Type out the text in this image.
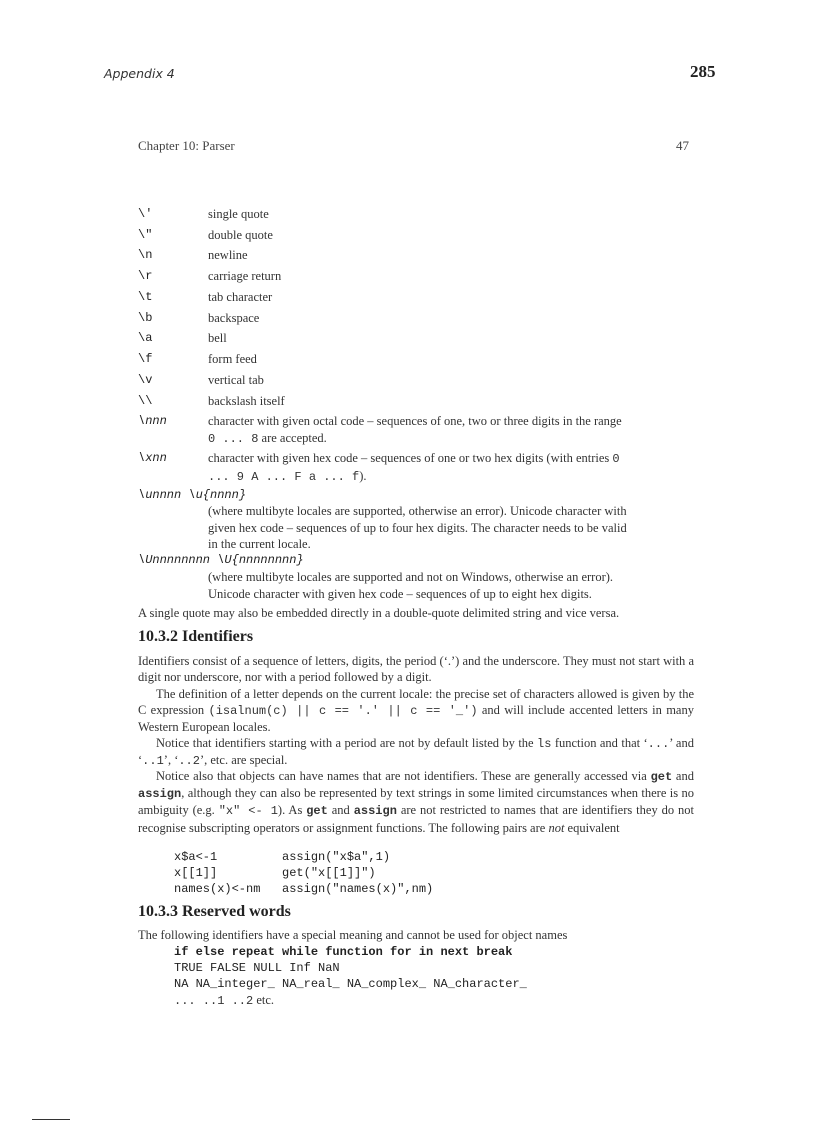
Appendix 4	285
Chapter 10: Parser	47
\'	single quote
\"	double quote
\n	newline
\r	carriage return
\t	tab character
\b	backspace
\a	bell
\f	form feed
\v	vertical tab
\\	backslash itself
\nnn	character with given octal code – sequences of one, two or three digits in the range
0 ... 8 are accepted.
\xnn	character with given hex code – sequences of one or two hex digits (with entries 0
... 9 A ... F a ... f).
\unnnn \u{nnnn}
(where multibyte locales are supported, otherwise an error). Unicode character with
given hex code – sequences of up to four hex digits. The character needs to be valid
in the current locale.
\Unnnnnnnn \U{nnnnnnnn}
(where multibyte locales are supported and not on Windows, otherwise an error).
Unicode character with given hex code – sequences of up to eight hex digits.
A single quote may also be embedded directly in a double-quote delimited string and vice versa.
10.3.2 Identifiers
Identifiers consist of a sequence of letters, digits, the period (‘.’) and the underscore. They must not start with a digit nor underscore, nor with a period followed by a digit.
The definition of a letter depends on the current locale: the precise set of characters allowed is given by the C expression (isalnum(c) || c == '.' || c == '_') and will include accented letters in many Western European locales.
Notice that identifiers starting with a period are not by default listed by the ls function and that ‘...’ and ‘..1’, ‘..2’, etc. are special.
Notice also that objects can have names that are not identifiers. These are generally accessed via get and assign, although they can also be represented by text strings in some limited circumstances when there is no ambiguity (e.g. "x" <- 1). As get and assign are not restricted to names that are identifiers they do not recognise subscripting operators or assignment functions. The following pairs are not equivalent
x$a<-1         assign("x$a",1)
x[[1]]         get("x[[1]]")
names(x)<-nm   assign("names(x)",nm)
10.3.3 Reserved words
The following identifiers have a special meaning and cannot be used for object names
if else repeat while function for in next break
TRUE FALSE NULL Inf NaN
NA NA_integer_ NA_real_ NA_complex_ NA_character_
... ..1 ..2 etc.
